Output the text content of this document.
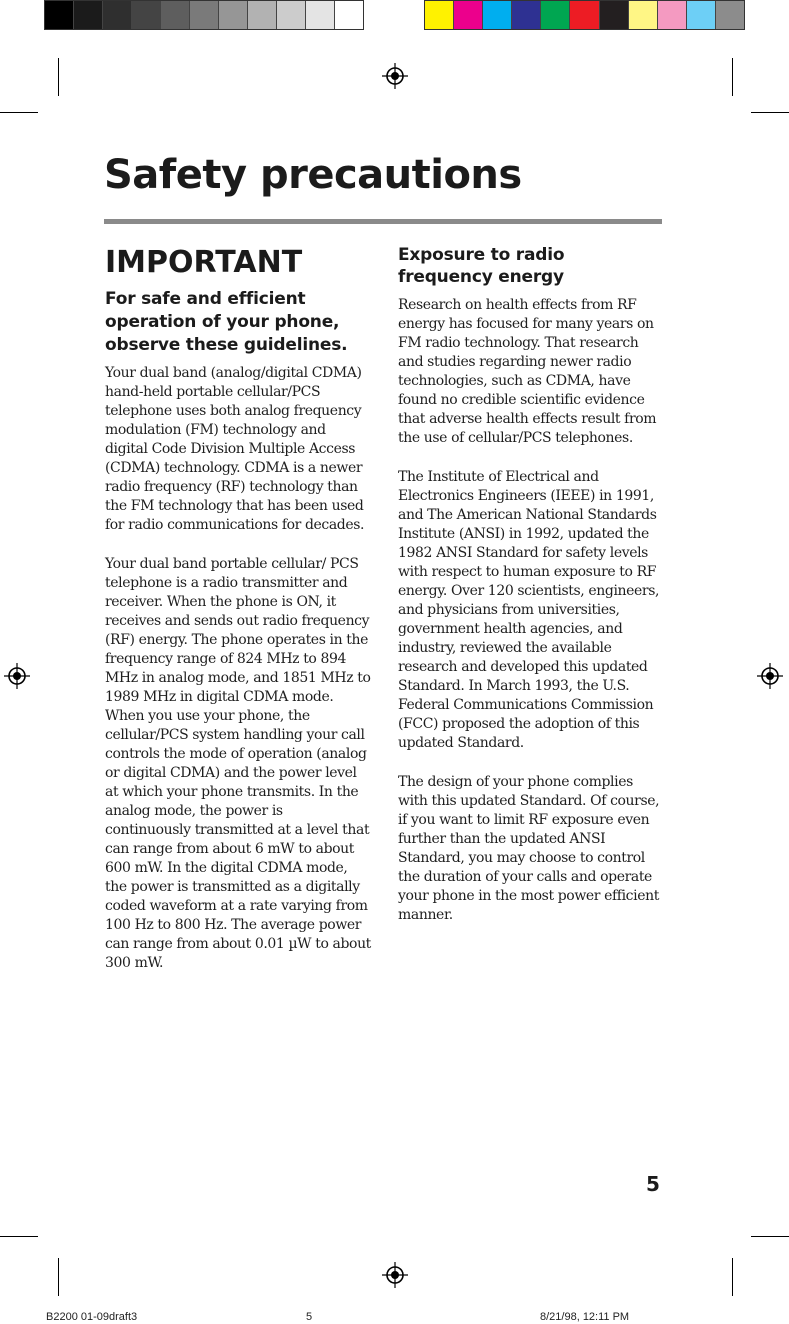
Safety precautions
IMPORTANT
For safe and efficient operation of your phone, observe these guidelines.

Your dual band (analog/digital CDMA) hand-held portable cellular/PCS telephone uses both analog frequency modulation (FM) technology and digital Code Division Multiple Access (CDMA) technology. CDMA is a newer radio frequency (RF) technology than the FM technology that has been used for radio communications for decades.

Your dual band portable cellular/ PCS telephone is a radio transmitter and receiver. When the phone is ON, it receives and sends out radio frequency (RF) energy. The phone operates in the frequency range of 824 MHz to 894 MHz in analog mode, and 1851 MHz to 1989 MHz in digital CDMA mode. When you use your phone, the cellular/PCS system handling your call controls the mode of operation (analog or digital CDMA) and the power level at which your phone transmits. In the analog mode, the power is continuously transmitted at a level that can range from about 6 mW to about 600 mW. In the digital CDMA mode, the power is transmitted as a digitally coded waveform at a rate varying from 100 Hz to 800 Hz. The average power can range from about 0.01 µW to about 300 mW.

Exposure to radio frequency energy

Research on health effects from RF energy has focused for many years on FM radio technology. That research and studies regarding newer radio technologies, such as CDMA, have found no credible scientific evidence that adverse health effects result from the use of cellular/PCS telephones.

The Institute of Electrical and Electronics Engineers (IEEE) in 1991, and The American National Standards Institute (ANSI) in 1992, updated the 1982 ANSI Standard for safety levels with respect to human exposure to RF energy. Over 120 scientists, engineers, and physicians from universities, government health agencies, and industry, reviewed the available research and developed this updated Standard. In March 1993, the U.S. Federal Communications Commission (FCC) proposed the adoption of this updated Standard.

The design of your phone complies with this updated Standard. Of course, if you want to limit RF exposure even further than the updated ANSI Standard, you may choose to control the duration of your calls and operate your phone in the most power efficient manner.

5
B2200 01-09draft3	5	8/21/98, 12:11 PM
